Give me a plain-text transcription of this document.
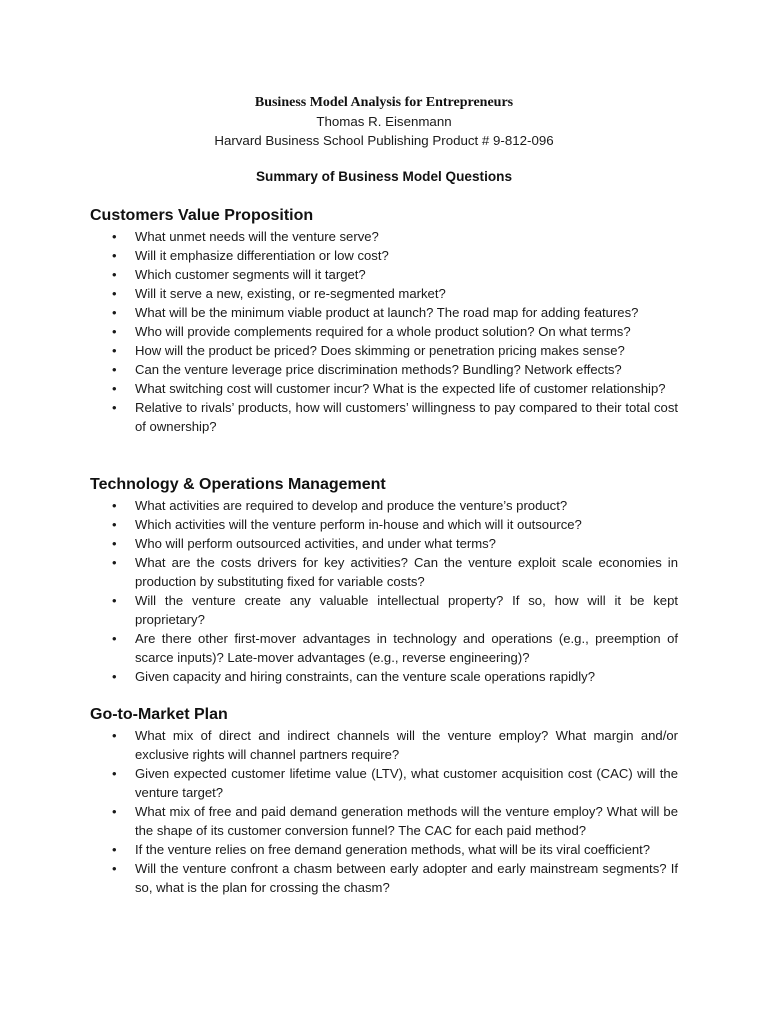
Business Model Analysis for Entrepreneurs
Thomas R. Eisenmann
Harvard Business School Publishing Product # 9-812-096
Summary of Business Model Questions
Customers Value Proposition
• What unmet needs will the venture serve?
• Will it emphasize differentiation or low cost?
• Which customer segments will it target?
• Will it serve a new, existing, or re-segmented market?
• What will be the minimum viable product at launch? The road map for adding features?
• Who will provide complements required for a whole product solution? On what terms?
• How will the product be priced? Does skimming or penetration pricing makes sense?
• Can the venture leverage price discrimination methods? Bundling? Network effects?
• What switching cost will customer incur? What is the expected life of customer relationship?
• Relative to rivals’ products, how will customers’ willingness to pay compared to their total cost of ownership?
Technology & Operations Management
• What activities are required to develop and produce the venture’s product?
• Which activities will the venture perform in-house and which will it outsource?
• Who will perform outsourced activities, and under what terms?
• What are the costs drivers for key activities? Can the venture exploit scale economies in production by substituting fixed for variable costs?
• Will the venture create any valuable intellectual property? If so, how will it be kept proprietary?
• Are there other first-mover advantages in technology and operations (e.g., preemption of scarce inputs)? Late-mover advantages (e.g., reverse engineering)?
• Given capacity and hiring constraints, can the venture scale operations rapidly?
Go-to-Market Plan
• What mix of direct and indirect channels will the venture employ? What margin and/or exclusive rights will channel partners require?
• Given expected customer lifetime value (LTV), what customer acquisition cost (CAC) will the venture target?
• What mix of free and paid demand generation methods will the venture employ? What will be the shape of its customer conversion funnel? The CAC for each paid method?
• If the venture relies on free demand generation methods, what will be its viral coefficient?
• Will the venture confront a chasm between early adopter and early mainstream segments? If so, what is the plan for crossing the chasm?
